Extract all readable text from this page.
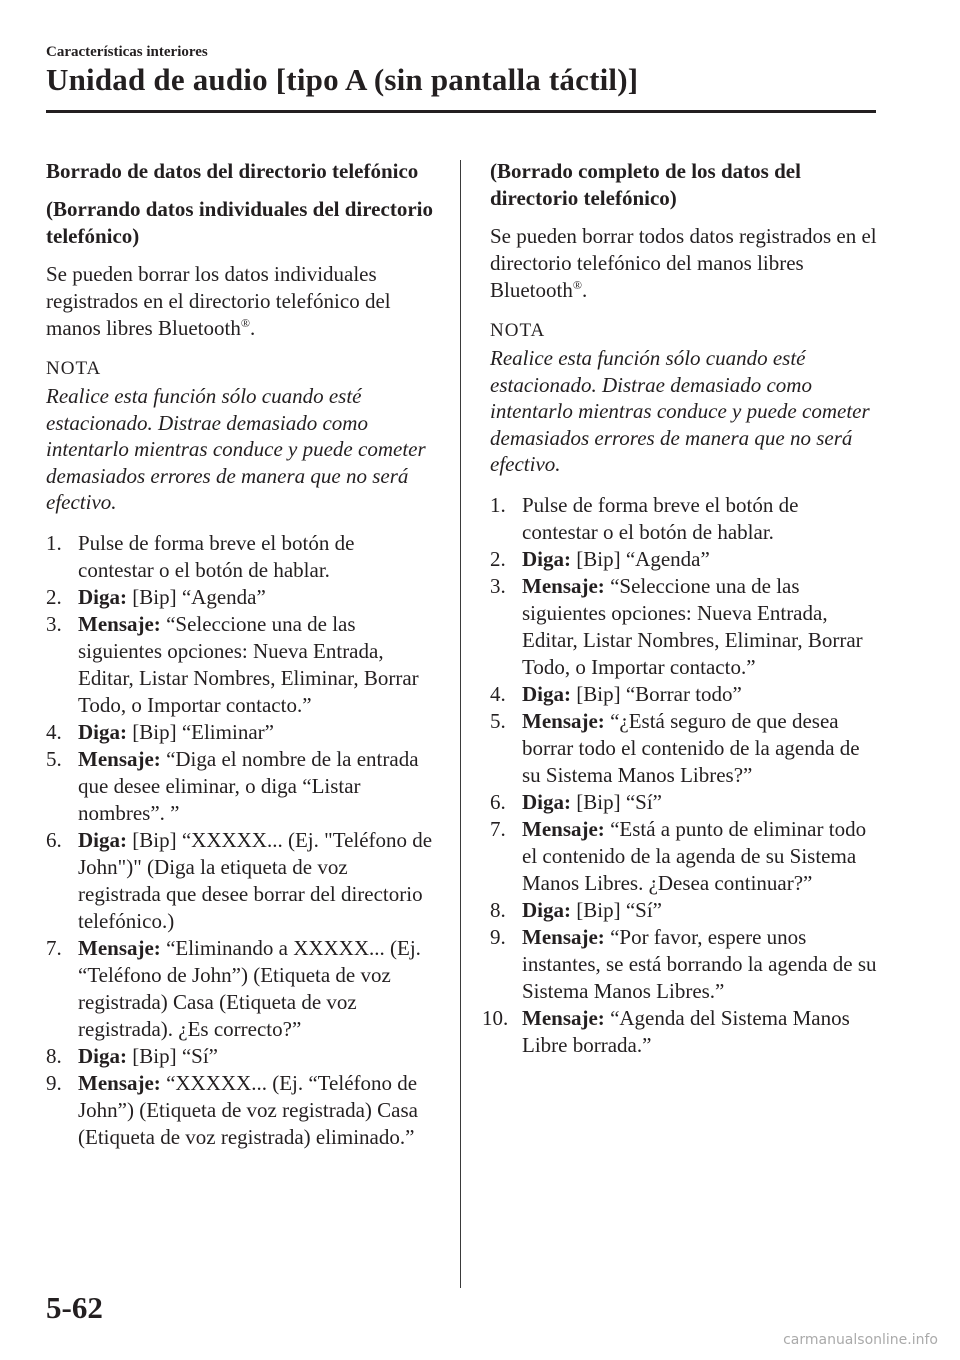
Características interiores

Unidad de audio [tipo A (sin pantalla táctil)]

Borrado de datos del directorio telefónico

(Borrando datos individuales del directorio telefónico)

Se pueden borrar los datos individuales registrados en el directorio telefónico del manos libres Bluetooth®.

NOTA

Realice esta función sólo cuando esté estacionado. Distrae demasiado como intentarlo mientras conduce y puede cometer demasiados errores de manera que no será efectivo.

1. Pulse de forma breve el botón de contestar o el botón de hablar.
2. Diga: [Bip] “Agenda”
3. Mensaje: “Seleccione una de las siguientes opciones: Nueva Entrada, Editar, Listar Nombres, Eliminar, Borrar Todo, o Importar contacto.”
4. Diga: [Bip] “Eliminar”
5. Mensaje: “Diga el nombre de la entrada que desee eliminar, o diga “Listar nombres”. ”
6. Diga: [Bip] “XXXXX... (Ej. "Teléfono de John")" (Diga la etiqueta de voz registrada que desee borrar del directorio telefónico.)
7. Mensaje: “Eliminando a XXXXX... (Ej. “Teléfono de John”) (Etiqueta de voz registrada) Casa (Etiqueta de voz registrada). ¿Es correcto?”
8. Diga: [Bip] “Sí”
9. Mensaje: “XXXXX... (Ej. “Teléfono de John”) (Etiqueta de voz registrada) Casa (Etiqueta de voz registrada) eliminado.”

(Borrado completo de los datos del directorio telefónico)

Se pueden borrar todos datos registrados en el directorio telefónico del manos libres Bluetooth®.

NOTA

Realice esta función sólo cuando esté estacionado. Distrae demasiado como intentarlo mientras conduce y puede cometer demasiados errores de manera que no será efectivo.

1. Pulse de forma breve el botón de contestar o el botón de hablar.
2. Diga: [Bip] “Agenda”
3. Mensaje: “Seleccione una de las siguientes opciones: Nueva Entrada, Editar, Listar Nombres, Eliminar, Borrar Todo, o Importar contacto.”
4. Diga: [Bip] “Borrar todo”
5. Mensaje: “¿Está seguro de que desea borrar todo el contenido de la agenda de su Sistema Manos Libres?”
6. Diga: [Bip] “Sí”
7. Mensaje: “Está a punto de eliminar todo el contenido de la agenda de su Sistema Manos Libres. ¿Desea continuar?”
8. Diga: [Bip] “Sí”
9. Mensaje: “Por favor, espere unos instantes, se está borrando la agenda de su Sistema Manos Libres.”
10. Mensaje: “Agenda del Sistema Manos Libre borrada.”
5-62
carmanualsonline.info
